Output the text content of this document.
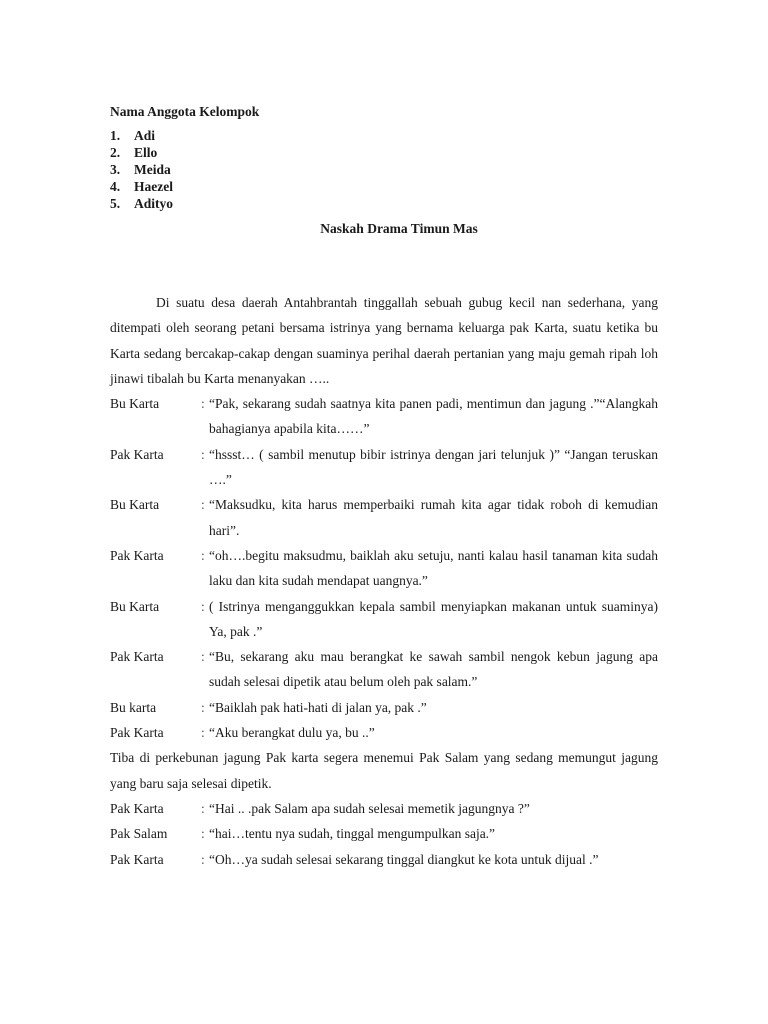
Nama Anggota Kelompok
1.	Adi
2.	Ello
3.	Meida
4.	Haezel
5.	Adityo
Naskah Drama Timun Mas

Di suatu desa daerah Antahbrantah tinggallah sebuah gubug kecil nan sederhana, yang ditempati oleh seorang petani bersama istrinya yang bernama keluarga pak Karta, suatu ketika bu Karta sedang bercakap-cakap dengan suaminya perihal daerah pertanian yang maju gemah ripah loh jinawi tibalah bu Karta menanyakan …..

Bu Karta	: “Pak, sekarang sudah saatnya kita panen padi, mentimun dan jagung .”“Alangkah bahagianya apabila kita……”
Pak Karta	: “hssst… ( sambil menutup bibir istrinya dengan jari telunjuk )” “Jangan teruskan ….”
Bu Karta	: “Maksudku, kita harus memperbaiki rumah kita agar tidak roboh di kemudian hari”.
Pak Karta	: “oh….begitu maksudmu, baiklah aku setuju, nanti kalau hasil tanaman kita sudah laku dan kita sudah mendapat uangnya.”
Bu Karta	: ( Istrinya menganggukkan kepala sambil menyiapkan makanan untuk suaminya) Ya, pak .”
Pak Karta	: “Bu, sekarang aku mau berangkat ke sawah sambil nengok kebun jagung apa sudah selesai dipetik atau belum oleh pak salam.”
Bu karta	: “Baiklah pak hati-hati di jalan ya, pak .”
Pak Karta	: “Aku berangkat dulu ya, bu ..”

Tiba di perkebunan jagung Pak karta segera menemui Pak Salam yang sedang memungut jagung yang baru saja selesai dipetik.

Pak Karta	: “Hai .. .pak Salam apa sudah selesai memetik jagungnya ?”
Pak Salam	: “hai…tentu nya sudah, tinggal mengumpulkan saja.”
Pak Karta	: “Oh…ya sudah selesai sekarang tinggal diangkut ke kota untuk dijual .”
